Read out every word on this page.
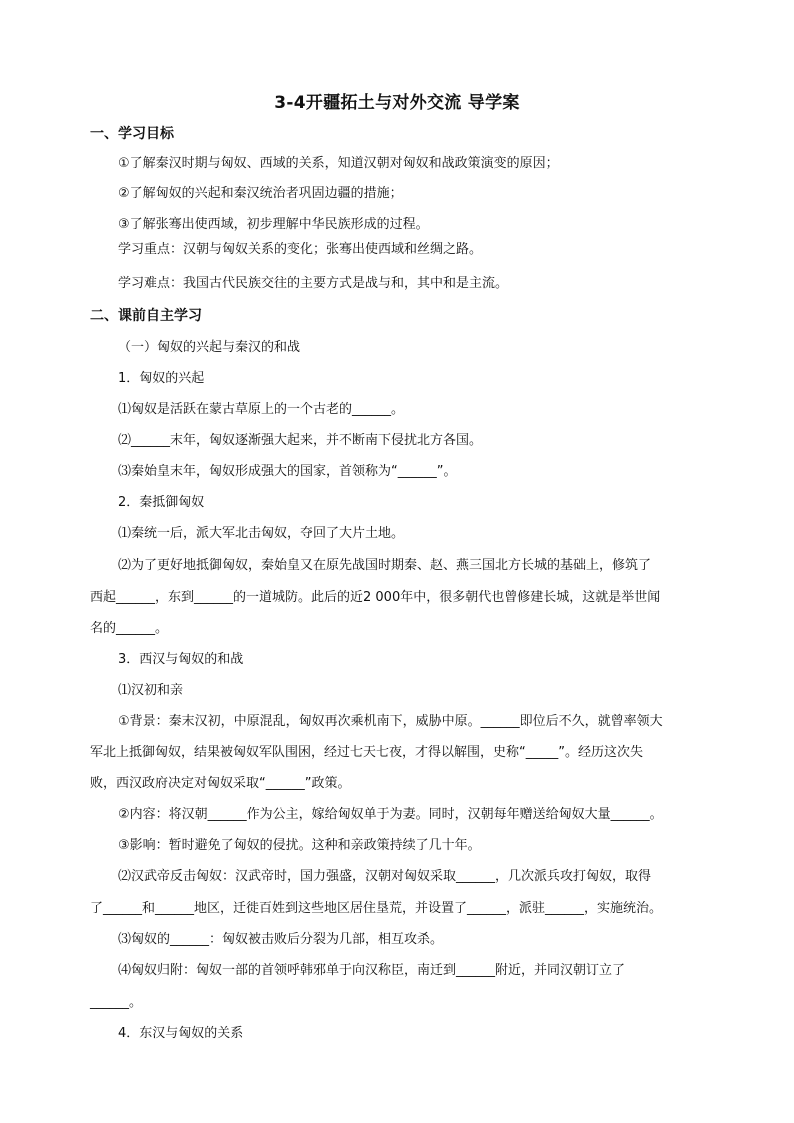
3-4开疆拓土与对外交流 导学案
一、学习目标
①了解秦汉时期与匈奴、西域的关系，知道汉朝对匈奴和战政策演变的原因；
②了解匈奴的兴起和秦汉统治者巩固边疆的措施；
③了解张骞出使西域，初步理解中华民族形成的过程。
学习重点：汉朝与匈奴关系的变化；张骞出使西域和丝绸之路。
学习难点：我国古代民族交往的主要方式是战与和，其中和是主流。
二、课前自主学习
（一）匈奴的兴起与秦汉的和战
1．匈奴的兴起
⑴匈奴是活跃在蒙古草原上的一个古老的______。
⑵______末年，匈奴逐渐强大起来，并不断南下侵扰北方各国。
⑶秦始皇末年，匈奴形成强大的国家，首领称为“______”。
2．秦抵御匈奴
⑴秦统一后，派大军北击匈奴，夺回了大片土地。
⑵为了更好地抵御匈奴，秦始皇又在原先战国时期秦、赵、燕三国北方长城的基础上，修筑了
西起______，东到______的一道城防。此后的近2 000年中，很多朝代也曾修建长城，这就是举世闻
名的______。
3．西汉与匈奴的和战
⑴汉初和亲
①背景：秦末汉初，中原混乱，匈奴再次乘机南下，威胁中原。______即位后不久，就曾率领大
军北上抵御匈奴，结果被匈奴军队围困，经过七天七夜，才得以解围，史称“_____”。经历这次失
败，西汉政府决定对匈奴采取“______”政策。
②内容：将汉朝______作为公主，嫁给匈奴单于为妻。同时，汉朝每年赠送给匈奴大量______。
③影响：暂时避免了匈奴的侵扰。这种和亲政策持续了几十年。
⑵汉武帝反击匈奴：汉武帝时，国力强盛，汉朝对匈奴采取______，几次派兵攻打匈奴，取得
了______和______地区，迁徙百姓到这些地区居住垦荒，并设置了______，派驻______，实施统治。
⑶匈奴的______：匈奴被击败后分裂为几部，相互攻杀。
⑷匈奴归附：匈奴一部的首领呼韩邪单于向汉称臣，南迁到______附近，并同汉朝订立了
______。
4．东汉与匈奴的关系
